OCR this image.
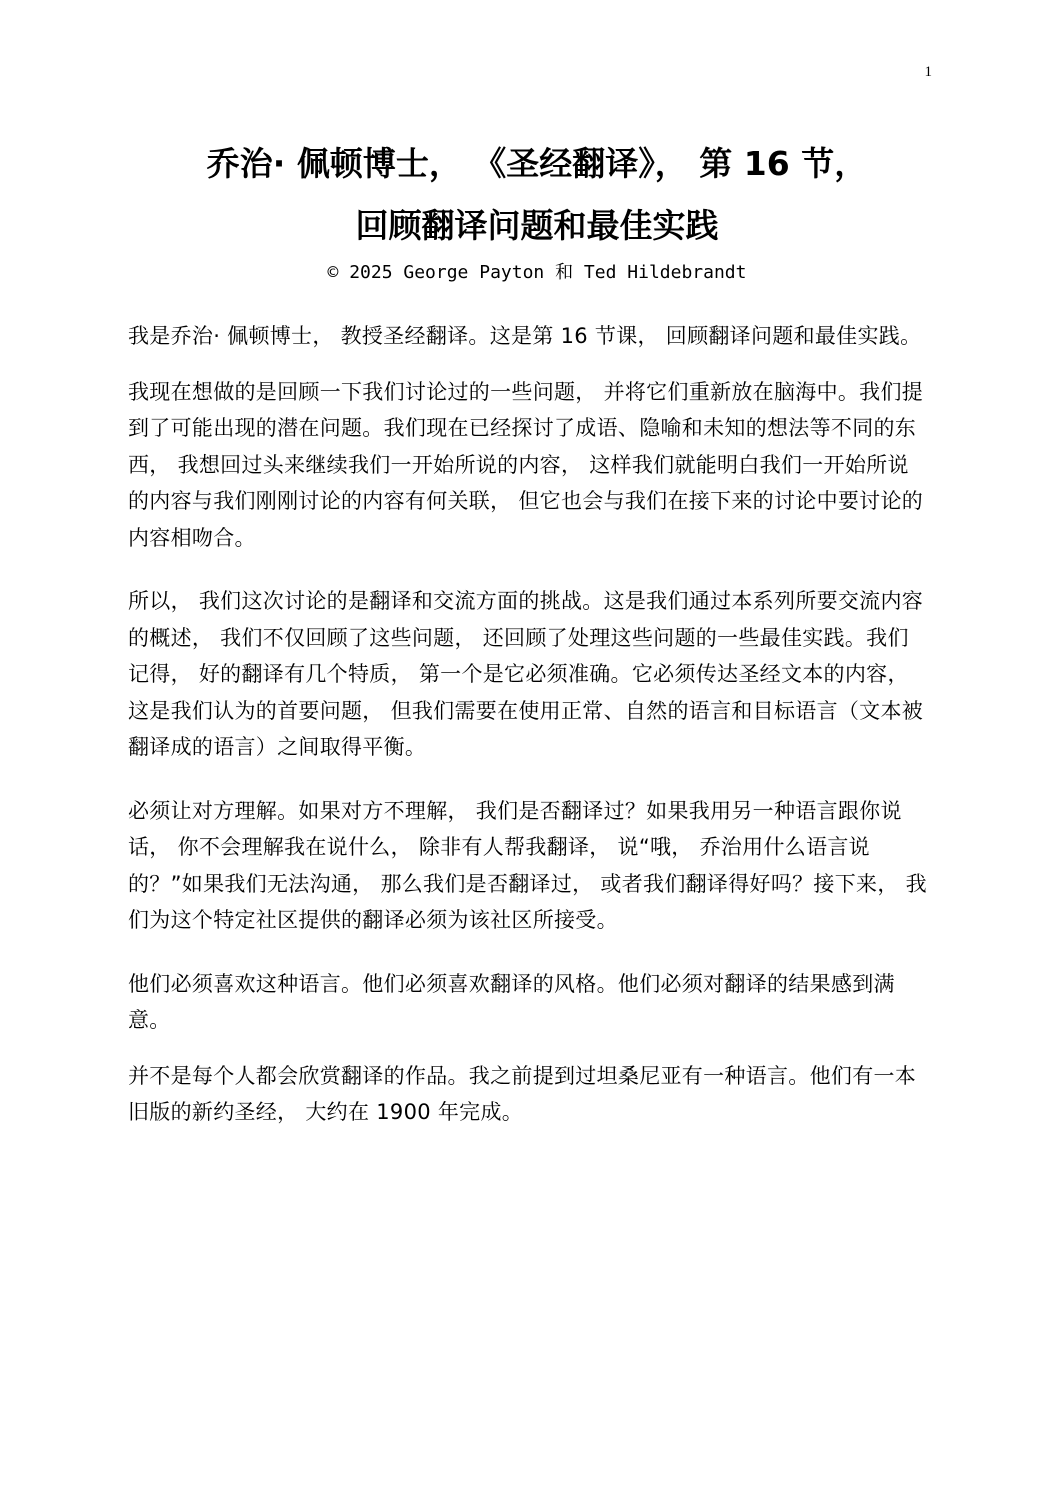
1
乔治· 佩顿博士， 《圣经翻译》， 第 16 节，
回顾翻译问题和最佳实践
© 2025 George Payton 和 Ted Hildebrandt

我是乔治· 佩顿博士， 教授圣经翻译。这是第 16 节课， 回顾翻译问题和最佳实践。

我现在想做的是回顾一下我们讨论过的一些问题， 并将它们重新放在脑海中。我们提到了可能出现的潜在问题。我们现在已经探讨了成语、隐喻和未知的想法等不同的东西， 我想回过头来继续我们一开始所说的内容， 这样我们就能明白我们一开始所说的内容与我们刚刚讨论的内容有何关联， 但它也会与我们在接下来的讨论中要讨论的内容相吻合。

所以， 我们这次讨论的是翻译和交流方面的挑战。这是我们通过本系列所要交流内容的概述， 我们不仅回顾了这些问题， 还回顾了处理这些问题的一些最佳实践。我们记得， 好的翻译有几个特质， 第一个是它必须准确。它必须传达圣经文本的内容， 这是我们认为的首要问题， 但我们需要在使用正常、自然的语言和目标语言（文本被翻译成的语言）之间取得平衡。

必须让对方理解。如果对方不理解， 我们是否翻译过？如果我用另一种语言跟你说话， 你不会理解我在说什么， 除非有人帮我翻译， 说“哦， 乔治用什么语言说的？”如果我们无法沟通， 那么我们是否翻译过， 或者我们翻译得好吗？接下来， 我们为这个特定社区提供的翻译必须为该社区所接受。

他们必须喜欢这种语言。他们必须喜欢翻译的风格。他们必须对翻译的结果感到满意。

并不是每个人都会欣赏翻译的作品。我之前提到过坦桑尼亚有一种语言。他们有一本旧版的新约圣经， 大约在 1900 年完成。
